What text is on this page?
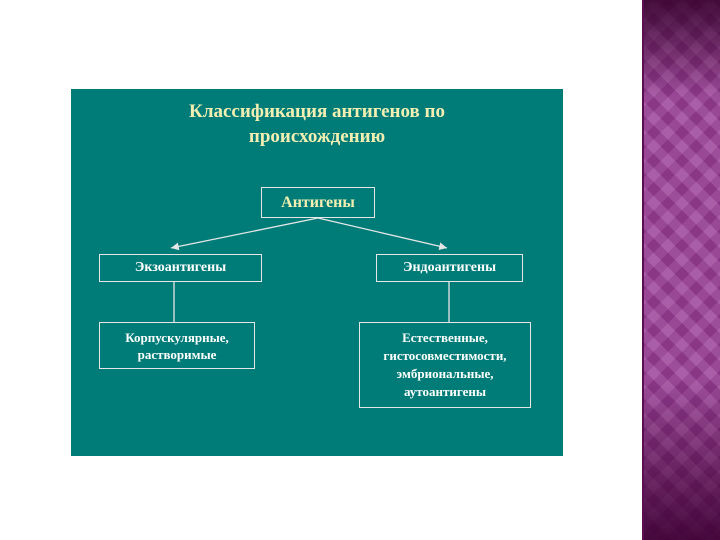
Классификация антигенов по
происхождению
Антигены
Экзоантигены	Эндоантигены
Корпускулярные,
растворимые
Естественные,
гистосовместимости,
эмбриональные,
аутоантигены
